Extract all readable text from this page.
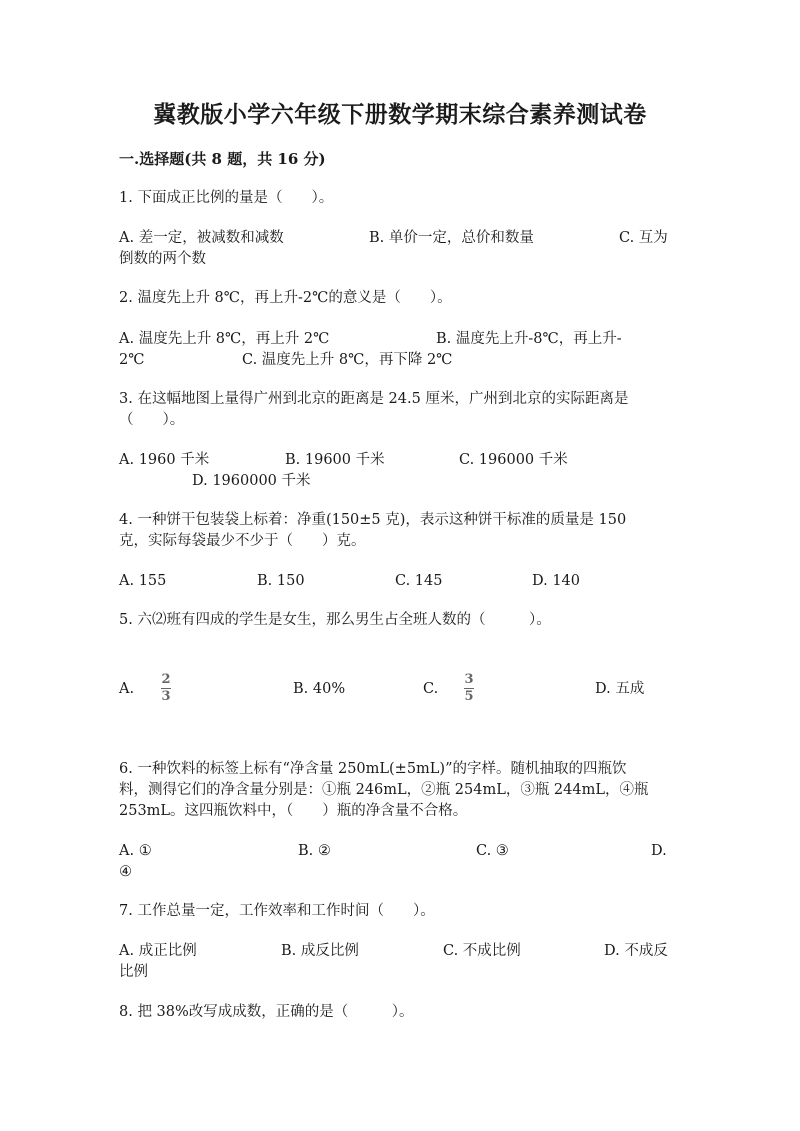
冀教版小学六年级下册数学期末综合素养测试卷
一.选择题(共 8 题，共 16 分)
1. 下面成正比例的量是（　　）。
A. 差一定，被减数和减数	B. 单价一定，总价和数量	C. 互为
倒数的两个数
2. 温度先上升 8℃，再上升-2℃的意义是（　　）。
A. 温度先上升 8℃，再上升 2℃	B. 温度先上升-8℃，再上升-
2℃	C. 温度先上升 8℃，再下降 2℃
3. 在这幅地图上量得广州到北京的距离是 24.5 厘米，广州到北京的实际距离是
（　　）。
A. 1960 千米	B. 19600 千米	C. 196000 千米
D. 1960000 千米
4. 一种饼干包装袋上标着：净重(150±5 克)，表示这种饼干标准的质量是 150
克，实际每袋最少不少于（　　）克。
A. 155	B. 150	C. 145	D. 140
5. 六⑵班有四成的学生是女生，那么男生占全班人数的（　　　）。
A.
2
3	B. 40%	C.
3
5	D. 五成
6. 一种饮料的标签上标有“净含量 250mL(±5mL)”的字样。随机抽取的四瓶饮
料，测得它们的净含量分别是：①瓶 246mL，②瓶 254mL，③瓶 244mL，④瓶
253mL。这四瓶饮料中，（　　）瓶的净含量不合格。
A. ①	B. ②	C. ③	D.
④
7. 工作总量一定，工作效率和工作时间（　　）。
A. 成正比例	B. 成反比例	C. 不成比例	D. 不成反
比例
8. 把 38%改写成成数，正确的是（　　　）。
